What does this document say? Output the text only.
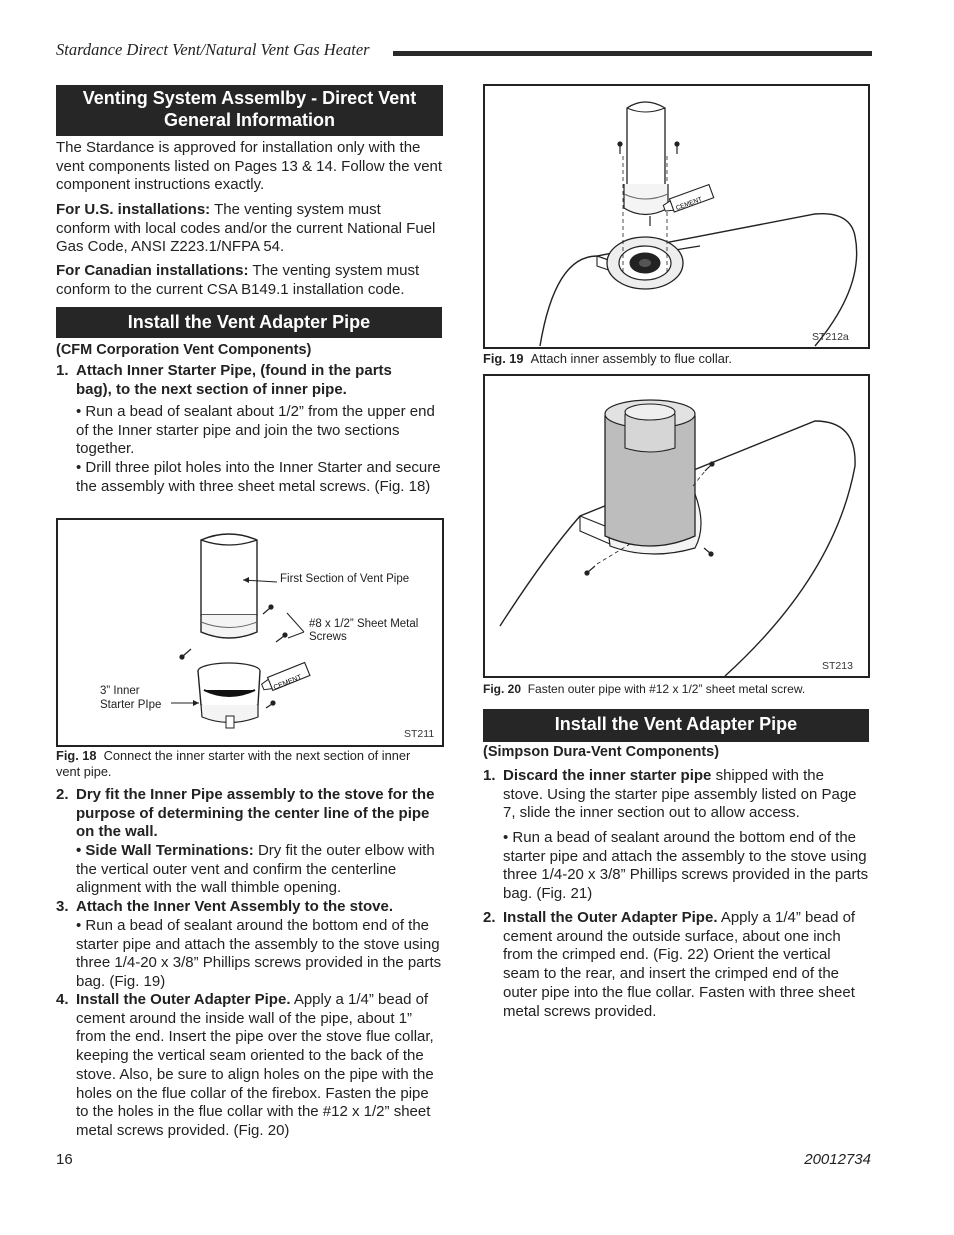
Stardance Direct Vent/Natural Vent Gas Heater
Venting System Assemlby - Direct Vent
General Information
The Stardance is approved for installation only with the vent components listed on Pages 13 & 14. Follow the vent component instructions exactly.
For U.S. installations: The venting system must conform with local codes and/or the current National Fuel Gas Code, ANSI Z223.1/NFPA 54.
For Canadian installations: The venting system must conform to the current CSA B149.1 installation code.
Install the Vent Adapter Pipe
(CFM Corporation Vent Components)
1. Attach Inner Starter Pipe, (found in the parts bag), to the next section of inner pipe.
• Run a bead of sealant about 1/2” from the upper end of the Inner starter pipe and join the two sections together.
• Drill three pilot holes into the Inner Starter and secure the assembly with three sheet metal screws. (Fig. 18)
CEMENT
First Section of Vent Pipe
#8 x 1/2” Sheet Metal Screws
3” Inner
Starter PIpe
ST211
Fig. 18 Connect the inner starter with the next section of inner vent pipe.
2. Dry fit the Inner Pipe assembly to the stove for the purpose of determining the center line of the pipe on the wall.
• Side Wall Terminations: Dry fit the outer elbow with the vertical outer vent and confirm the centerline alignment with the wall thimble opening.
3. Attach the Inner Vent Assembly to the stove.
• Run a bead of sealant around the bottom end of the starter pipe and attach the assembly to the stove using three 1/4-20 x 3/8” Phillips screws provided in the parts bag. (Fig. 19)
4. Install the Outer Adapter Pipe. Apply a 1/4” bead of cement around the inside wall of the pipe, about 1” from the end. Insert the pipe over the stove flue collar, keeping the vertical seam oriented to the back of the stove. Also, be sure to align holes on the pipe with the holes on the flue collar of the firebox. Fasten the pipe to the holes in the flue collar with the #12 x 1/2” sheet metal screws provided. (Fig. 20)
CEMENT
ST212a
Fig. 19 Attach inner assembly to flue collar.
ST213
Fig. 20 Fasten outer pipe with #12 x 1/2” sheet metal screw.
Install the Vent Adapter Pipe
(Simpson Dura-Vent Components)
1. Discard the inner starter pipe shipped with the stove. Using the starter pipe assembly listed on Page 7, slide the inner section out to allow access.
• Run a bead of sealant around the bottom end of the starter pipe and attach the assembly to the stove using three 1/4-20 x 3/8” Phillips screws provided in the parts bag. (Fig. 21)
2. Install the Outer Adapter Pipe. Apply a 1/4” bead of cement around the outside surface, about one inch from the crimped end. (Fig. 22) Orient the vertical seam to the rear, and insert the crimped end of the outer pipe into the flue collar. Fasten with three sheet metal screws provided.
16	20012734
